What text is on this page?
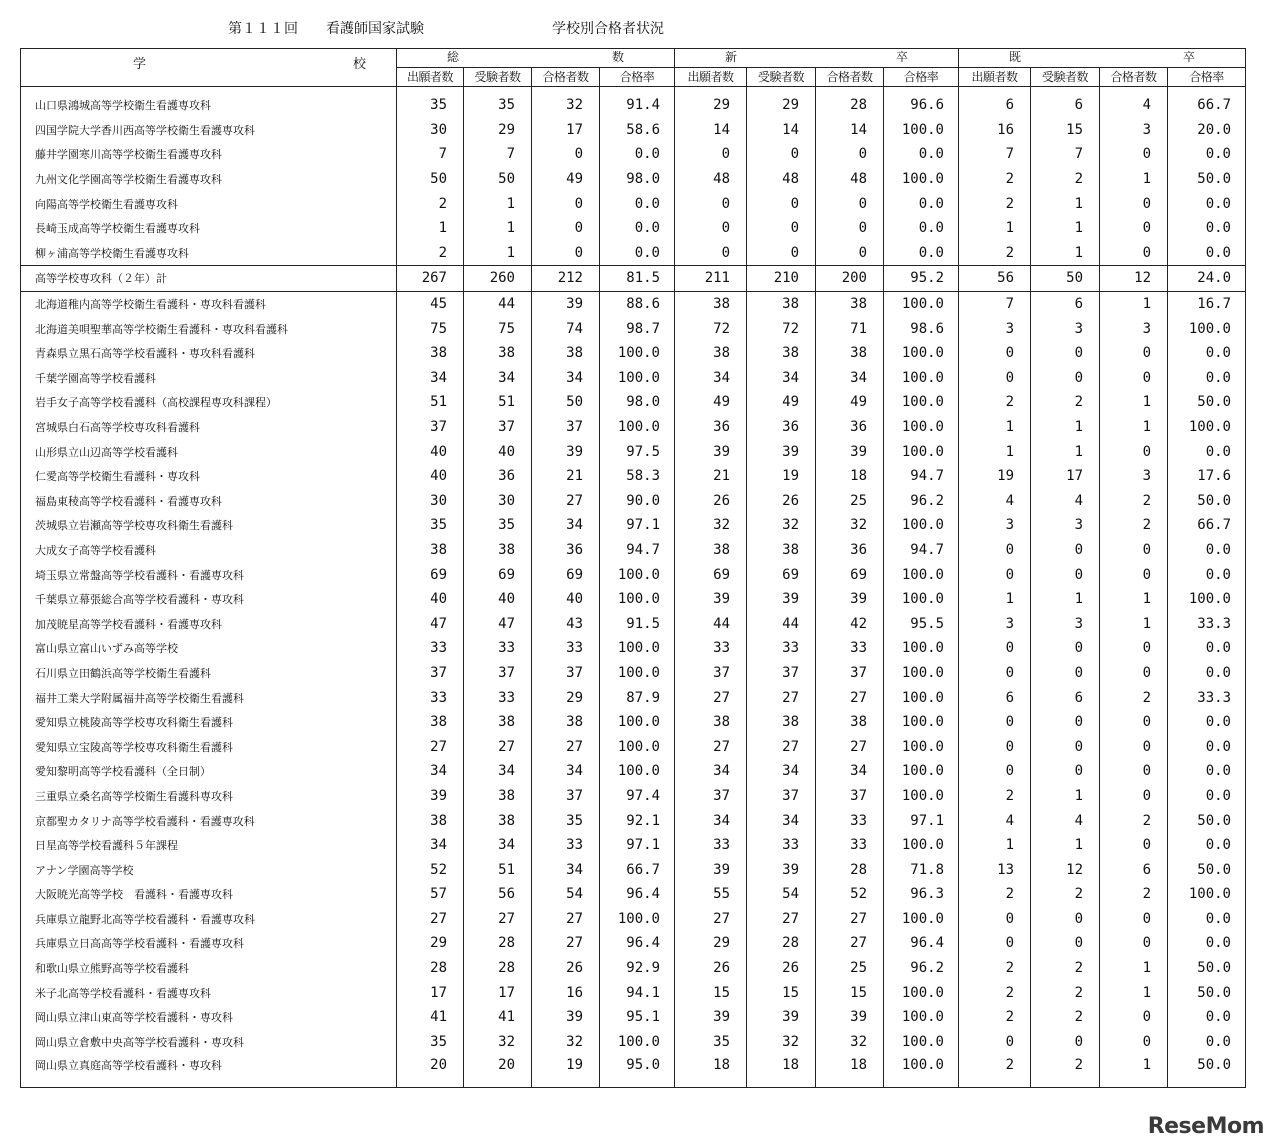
第１１１回　　看護師国家試験	学校別合格者状況
学 校	総 数				新 卒				既 卒			

	出願者数	受験者数	合格者数	合格率	出願者数	受験者数	合格者数	合格率	出願者数	受験者数	合格者数	合格率
山口県鴻城高等学校衛生看護専攻科	35	35	32	91.4	29	29	28	96.6	6	6	4	66.7
四国学院大学香川西高等学校衛生看護専攻科	30	29	17	58.6	14	14	14	100.0	16	15	3	20.0
藤井学園寒川高等学校衛生看護専攻科	7	7	0	0.0	0	0	0	0.0	7	7	0	0.0
九州文化学園高等学校衛生看護専攻科	50	50	49	98.0	48	48	48	100.0	2	2	1	50.0
向陽高等学校衛生看護専攻科	2	1	0	0.0	0	0	0	0.0	2	1	0	0.0
長崎玉成高等学校衛生看護専攻科	1	1	0	0.0	0	0	0	0.0	1	1	0	0.0
柳ヶ浦高等学校衛生看護専攻科	2	1	0	0.0	0	0	0	0.0	2	1	0	0.0
高等学校専攻科（２年）計	267	260	212	81.5	211	210	200	95.2	56	50	12	24.0
北海道稚内高等学校衛生看護科・専攻科看護科	45	44	39	88.6	38	38	38	100.0	7	6	1	16.7
北海道美唄聖華高等学校衛生看護科・専攻科看護科	75	75	74	98.7	72	72	71	98.6	3	3	3	100.0
青森県立黒石高等学校看護科・専攻科看護科	38	38	38	100.0	38	38	38	100.0	0	0	0	0.0
千葉学園高等学校看護科	34	34	34	100.0	34	34	34	100.0	0	0	0	0.0
岩手女子高等学校看護科（高校課程専攻科課程）	51	51	50	98.0	49	49	49	100.0	2	2	1	50.0
宮城県白石高等学校専攻科看護科	37	37	37	100.0	36	36	36	100.0	1	1	1	100.0
山形県立山辺高等学校看護科	40	40	39	97.5	39	39	39	100.0	1	1	0	0.0
仁愛高等学校衛生看護科・専攻科	40	36	21	58.3	21	19	18	94.7	19	17	3	17.6
福島東稜高等学校看護科・看護専攻科	30	30	27	90.0	26	26	25	96.2	4	4	2	50.0
茨城県立岩瀬高等学校専攻科衛生看護科	35	35	34	97.1	32	32	32	100.0	3	3	2	66.7
大成女子高等学校看護科	38	38	36	94.7	38	38	36	94.7	0	0	0	0.0
埼玉県立常盤高等学校看護科・看護専攻科	69	69	69	100.0	69	69	69	100.0	0	0	0	0.0
千葉県立幕張総合高等学校看護科・専攻科	40	40	40	100.0	39	39	39	100.0	1	1	1	100.0
加茂暁星高等学校看護科・看護専攻科	47	47	43	91.5	44	44	42	95.5	3	3	1	33.3
富山県立富山いずみ高等学校	33	33	33	100.0	33	33	33	100.0	0	0	0	0.0
石川県立田鶴浜高等学校衛生看護科	37	37	37	100.0	37	37	37	100.0	0	0	0	0.0
福井工業大学附属福井高等学校衛生看護科	33	33	29	87.9	27	27	27	100.0	6	6	2	33.3
愛知県立桃陵高等学校専攻科衛生看護科	38	38	38	100.0	38	38	38	100.0	0	0	0	0.0
愛知県立宝陵高等学校専攻科衛生看護科	27	27	27	100.0	27	27	27	100.0	0	0	0	0.0
愛知黎明高等学校看護科（全日制）	34	34	34	100.0	34	34	34	100.0	0	0	0	0.0
三重県立桑名高等学校衛生看護科専攻科	39	38	37	97.4	37	37	37	100.0	2	1	0	0.0
京都聖カタリナ高等学校看護科・看護専攻科	38	38	35	92.1	34	34	33	97.1	4	4	2	50.0
日星高等学校看護科５年課程	34	34	33	97.1	33	33	33	100.0	1	1	0	0.0
アナン学園高等学校	52	51	34	66.7	39	39	28	71.8	13	12	6	50.0
大阪暁光高等学校　看護科・看護専攻科	57	56	54	96.4	55	54	52	96.3	2	2	2	100.0
兵庫県立龍野北高等学校看護科・看護専攻科	27	27	27	100.0	27	27	27	100.0	0	0	0	0.0
兵庫県立日高高等学校看護科・看護専攻科	29	28	27	96.4	29	28	27	96.4	0	0	0	0.0
和歌山県立熊野高等学校看護科	28	28	26	92.9	26	26	25	96.2	2	2	1	50.0
米子北高等学校看護科・看護専攻科	17	17	16	94.1	15	15	15	100.0	2	2	1	50.0
岡山県立津山東高等学校看護科・専攻科	41	41	39	95.1	39	39	39	100.0	2	2	0	0.0
岡山県立倉敷中央高等学校看護科・専攻科	35	32	32	100.0	35	32	32	100.0	0	0	0	0.0
岡山県立真庭高等学校看護科・専攻科	20	20	19	95.0	18	18	18	100.0	2	2	1	50.0
ReseMom
